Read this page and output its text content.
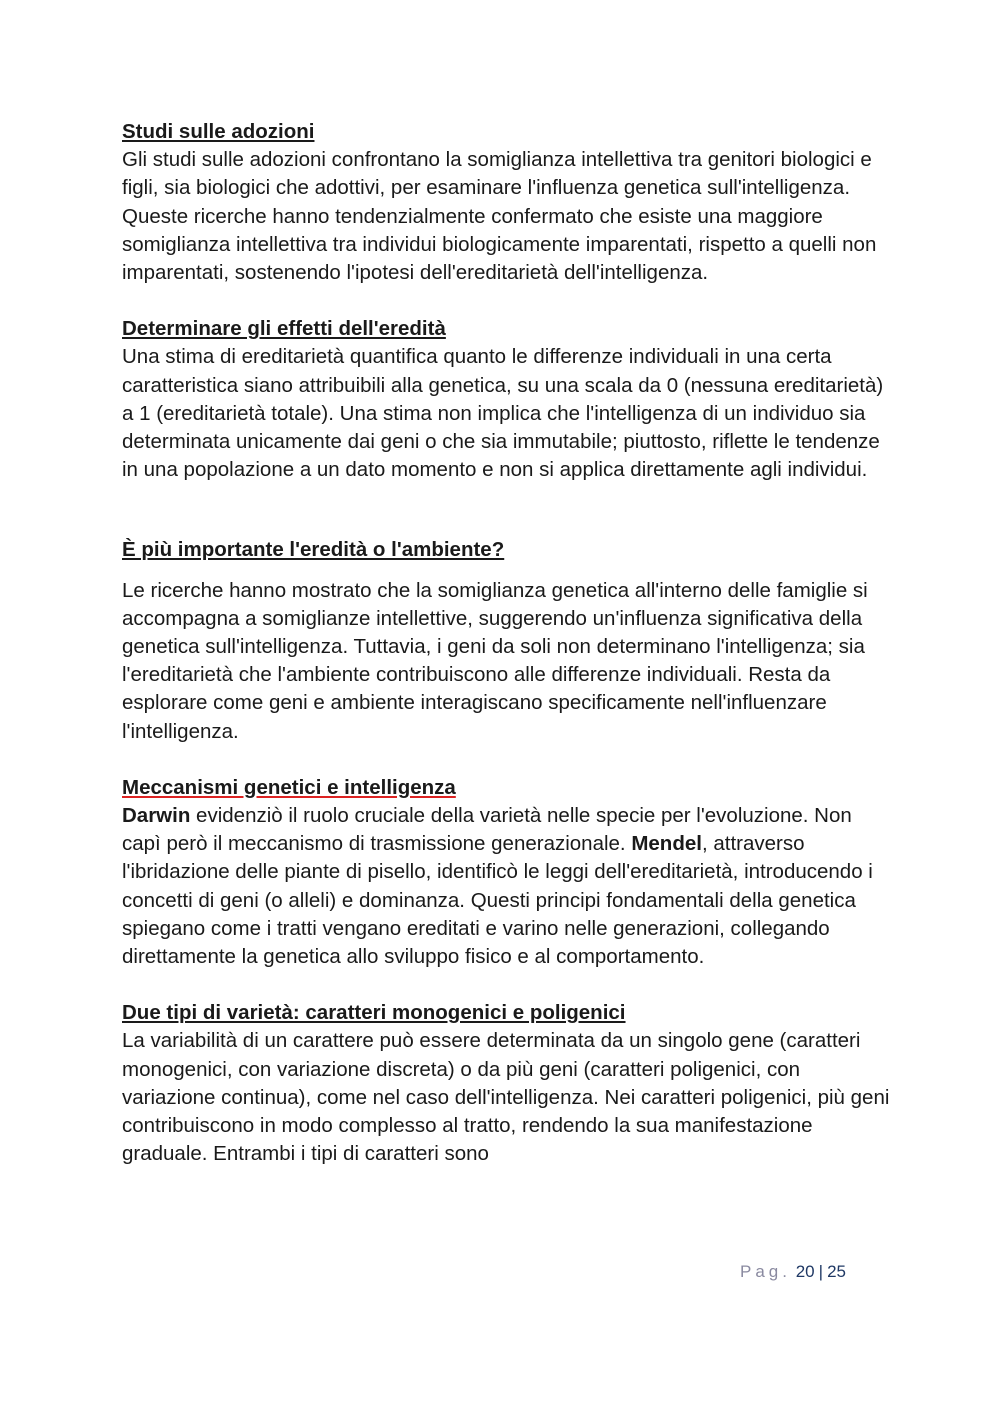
Studi sulle adozioni

Gli studi sulle adozioni confrontano la somiglianza intellettiva tra genitori biologici e figli, sia biologici che adottivi, per esaminare l'influenza genetica sull'intelligenza. Queste ricerche hanno tendenzialmente confermato che esiste una maggiore somiglianza intellettiva tra individui biologicamente imparentati, rispetto a quelli non imparentati, sostenendo l'ipotesi dell'ereditarietà dell'intelligenza.

Determinare gli effetti dell'eredità

Una stima di ereditarietà quantifica quanto le differenze individuali in una certa caratteristica siano attribuibili alla genetica, su una scala da 0 (nessuna ereditarietà) a 1 (ereditarietà totale). Una stima non implica che l'intelligenza di un individuo sia determinata unicamente dai geni o che sia immutabile; piuttosto, riflette le tendenze in una popolazione a un dato momento e non si applica direttamente agli individui.

È più importante l'eredità o l'ambiente?

Le ricerche hanno mostrato che la somiglianza genetica all'interno delle famiglie si accompagna a somiglianze intellettive, suggerendo un'influenza significativa della genetica sull'intelligenza. Tuttavia, i geni da soli non determinano l'intelligenza; sia l'ereditarietà che l'ambiente contribuiscono alle differenze individuali. Resta da esplorare come geni e ambiente interagiscano specificamente nell'influenzare l'intelligenza.

Meccanismi genetici e intelligenza

Darwin evidenziò il ruolo cruciale della varietà nelle specie per l'evoluzione. Non capì però il meccanismo di trasmissione generazionale. Mendel, attraverso l'ibridazione delle piante di pisello, identificò le leggi dell'ereditarietà, introducendo i concetti di geni (o alleli) e dominanza. Questi principi fondamentali della genetica spiegano come i tratti vengano ereditati e varino nelle generazioni, collegando direttamente la genetica allo sviluppo fisico e al comportamento.

Due tipi di varietà: caratteri monogenici e poligenici

La variabilità di un carattere può essere determinata da un singolo gene (caratteri monogenici, con variazione discreta) o da più geni (caratteri poligenici, con variazione continua), come nel caso dell'intelligenza. Nei caratteri poligenici, più geni contribuiscono in modo complesso al tratto, rendendo la sua manifestazione graduale. Entrambi i tipi di caratteri sono

Pag. 20 | 25
